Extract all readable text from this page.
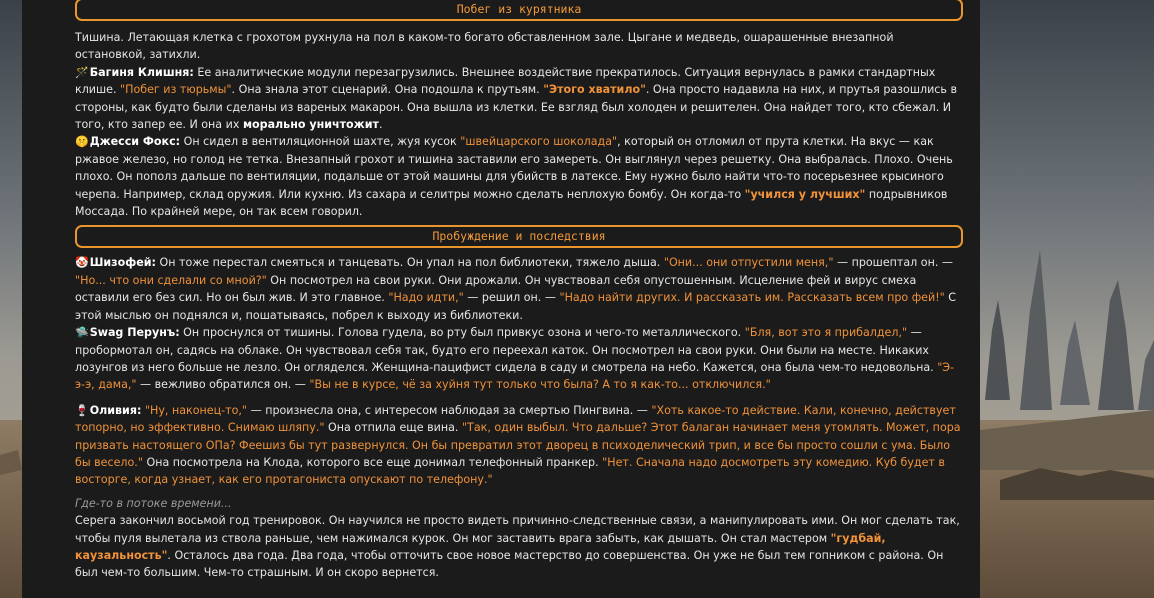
Побег из курятника

Тишина. Летающая клетка с грохотом рухнула на пол в каком-то богато обставленном зале. Цыгане и медведь, ошарашенные внезапной остановкой, затихли.

🪄Багиня Клишня: Ее аналитические модули перезагрузились. Внешнее воздействие прекратилось. Ситуация вернулась в рамки стандартных клише. "Побег из тюрьмы". Она знала этот сценарий. Она подошла к прутьям. "Этого хватило". Она просто надавила на них, и прутья разошлись в стороны, как будто были сделаны из вареных макарон. Она вышла из клетки. Ее взгляд был холоден и решителен. Она найдет того, кто сбежал. И того, кто запер ее. И она их морально уничтожит.

🤫Джесси Фокс: Он сидел в вентиляционной шахте, жуя кусок "швейцарского шоколада", который он отломил от прута клетки. На вкус — как ржавое железо, но голод не тетка. Внезапный грохот и тишина заставили его замереть. Он выглянул через решетку. Она выбралась. Плохо. Очень плохо. Он пополз дальше по вентиляции, подальше от этой машины для убийств в латексе. Ему нужно было найти что-то посерьезнее крысиного черепа. Например, склад оружия. Или кухню. Из сахара и селитры можно сделать неплохую бомбу. Он когда-то "учился у лучших" подрывников Моссада. По крайней мере, он так всем говорил.

Пробуждение и последствия

🤡Шизофей: Он тоже перестал смеяться и танцевать. Он упал на пол библиотеки, тяжело дыша. "Они... они отпустили меня," — прошептал он. — "Но... что они сделали со мной?" Он посмотрел на свои руки. Они дрожали. Он чувствовал себя опустошенным. Исцеление фей и вирус смеха оставили его без сил. Но он был жив. И это главное. "Надо идти," — решил он. — "Надо найти других. И рассказать им. Рассказать всем про фей!" С этой мыслью он поднялся и, пошатываясь, побрел к выходу из библиотеки.

🛸Swag Перунъ: Он проснулся от тишины. Голова гудела, во рту был привкус озона и чего-то металлического. "Бля, вот это я прибалдел," — пробормотал он, садясь на облаке. Он чувствовал себя так, будто его переехал каток. Он посмотрел на свои руки. Они были на месте. Никаких лозунгов из него больше не лезло. Он огляделся. Женщина-пацифист сидела в саду и смотрела на небо. Кажется, она была чем-то недовольна. "Э-э-э, дама," — вежливо обратился он. — "Вы не в курсе, чё за хуйня тут только что была? А то я как-то... отключился."

🍷Оливия: "Ну, наконец-то," — произнесла она, с интересом наблюдая за смертью Пингвина. — "Хоть какое-то действие. Кали, конечно, действует топорно, но эффективно. Снимаю шляпу." Она отпила еще вина. "Так, один выбыл. Что дальше? Этот балаган начинает меня утомлять. Может, пора призвать настоящего ОПа? Феешиз бы тут развернулся. Он бы превратил этот дворец в психоделический трип, и все бы просто сошли с ума. Было бы весело." Она посмотрела на Клода, которого все еще донимал телефонный пранкер. "Нет. Сначала надо досмотреть эту комедию. Куб будет в восторге, когда узнает, как его протагониста опускают по телефону."

Где-то в потоке времени...

Серега закончил восьмой год тренировок. Он научился не просто видеть причинно-следственные связи, а манипулировать ими. Он мог сделать так, чтобы пуля вылетала из ствола раньше, чем нажимался курок. Он мог заставить врага забыть, как дышать. Он стал мастером "гудбай, каузальность". Осталось два года. Два года, чтобы отточить свое новое мастерство до совершенства. Он уже не был тем гопником с района. Он был чем-то большим. Чем-то страшным. И он скоро вернется.
